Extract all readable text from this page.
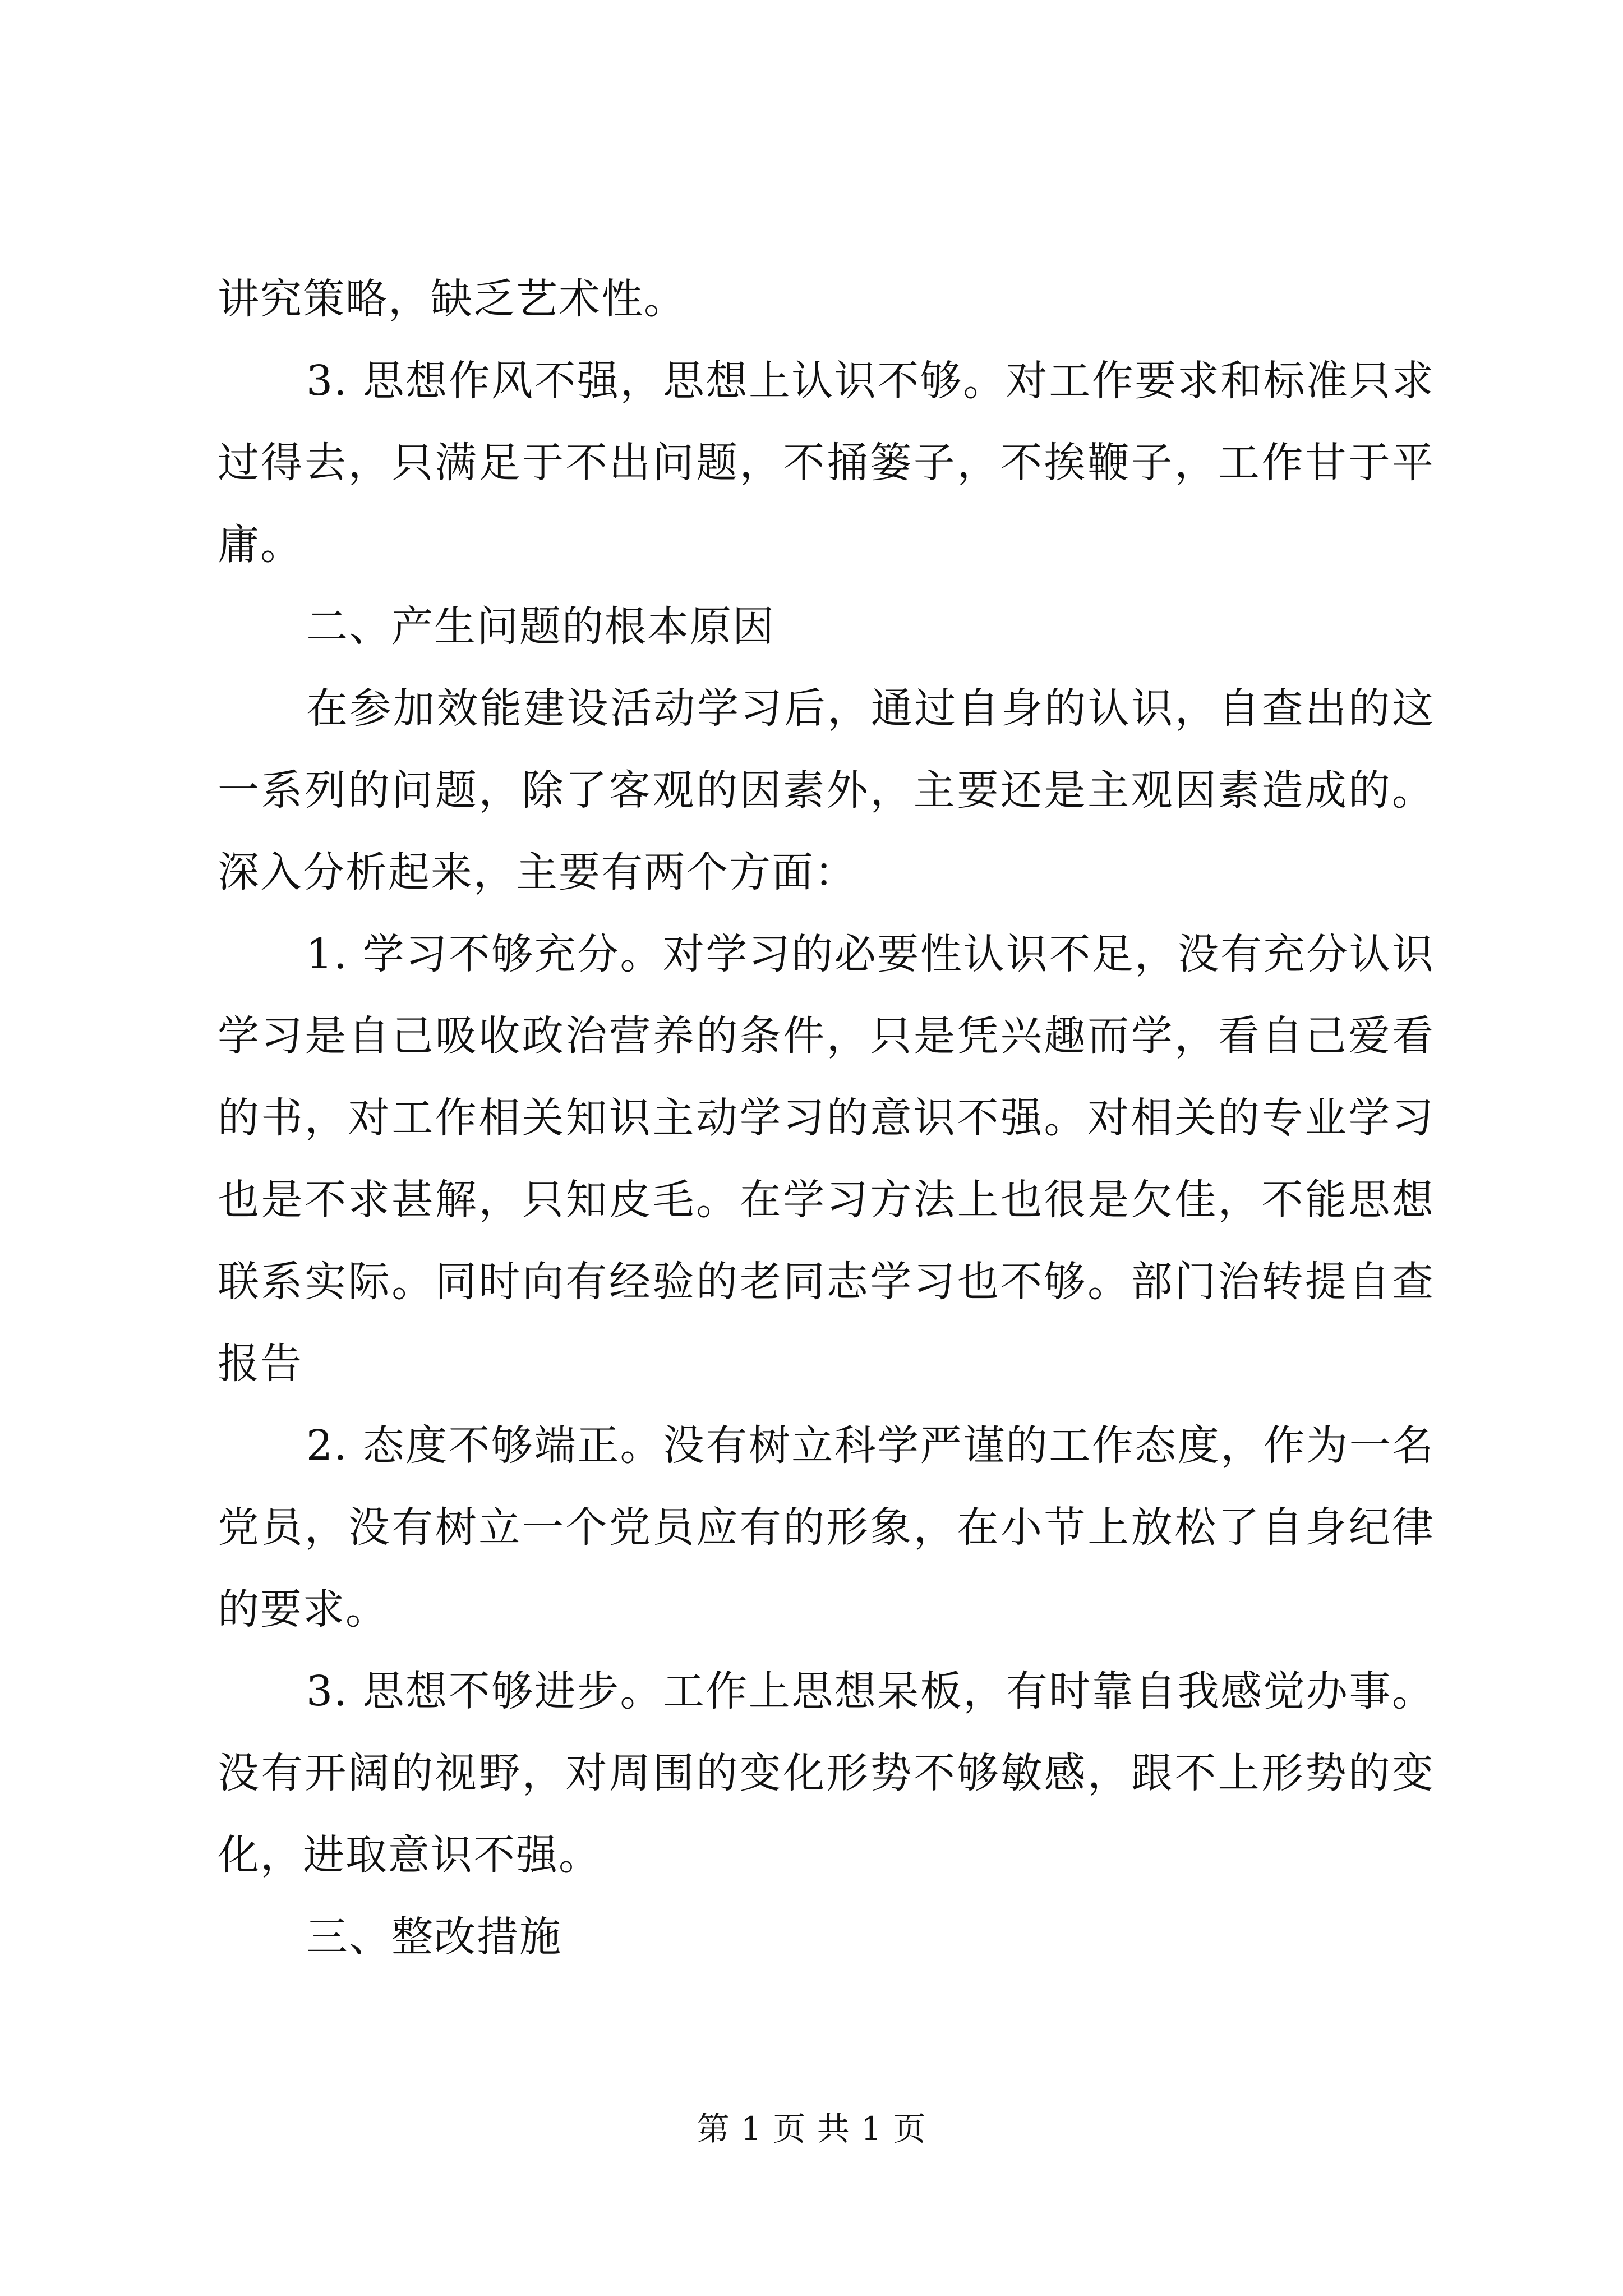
讲究策略，缺乏艺术性。

3. 思想作风不强，思想上认识不够。对工作要求和标准只求过得去，只满足于不出问题，不捅篓子，不挨鞭子，工作甘于平庸。

二、产生问题的根本原因

在参加效能建设活动学习后，通过自身的认识，自查出的这一系列的问题，除了客观的因素外，主要还是主观因素造成的。深入分析起来，主要有两个方面：

1. 学习不够充分。对学习的必要性认识不足，没有充分认识学习是自己吸收政治营养的条件，只是凭兴趣而学，看自己爱看的书，对工作相关知识主动学习的意识不强。对相关的专业学习也是不求甚解，只知皮毛。在学习方法上也很是欠佳，不能思想联系实际。同时向有经验的老同志学习也不够。部门治转提自查报告

2. 态度不够端正。没有树立科学严谨的工作态度，作为一名党员，没有树立一个党员应有的形象，在小节上放松了自身纪律的要求。

3. 思想不够进步。工作上思想呆板，有时靠自我感觉办事。没有开阔的视野，对周围的变化形势不够敏感，跟不上形势的变化，进取意识不强。

三、整改措施

第 1 页 共 1 页
